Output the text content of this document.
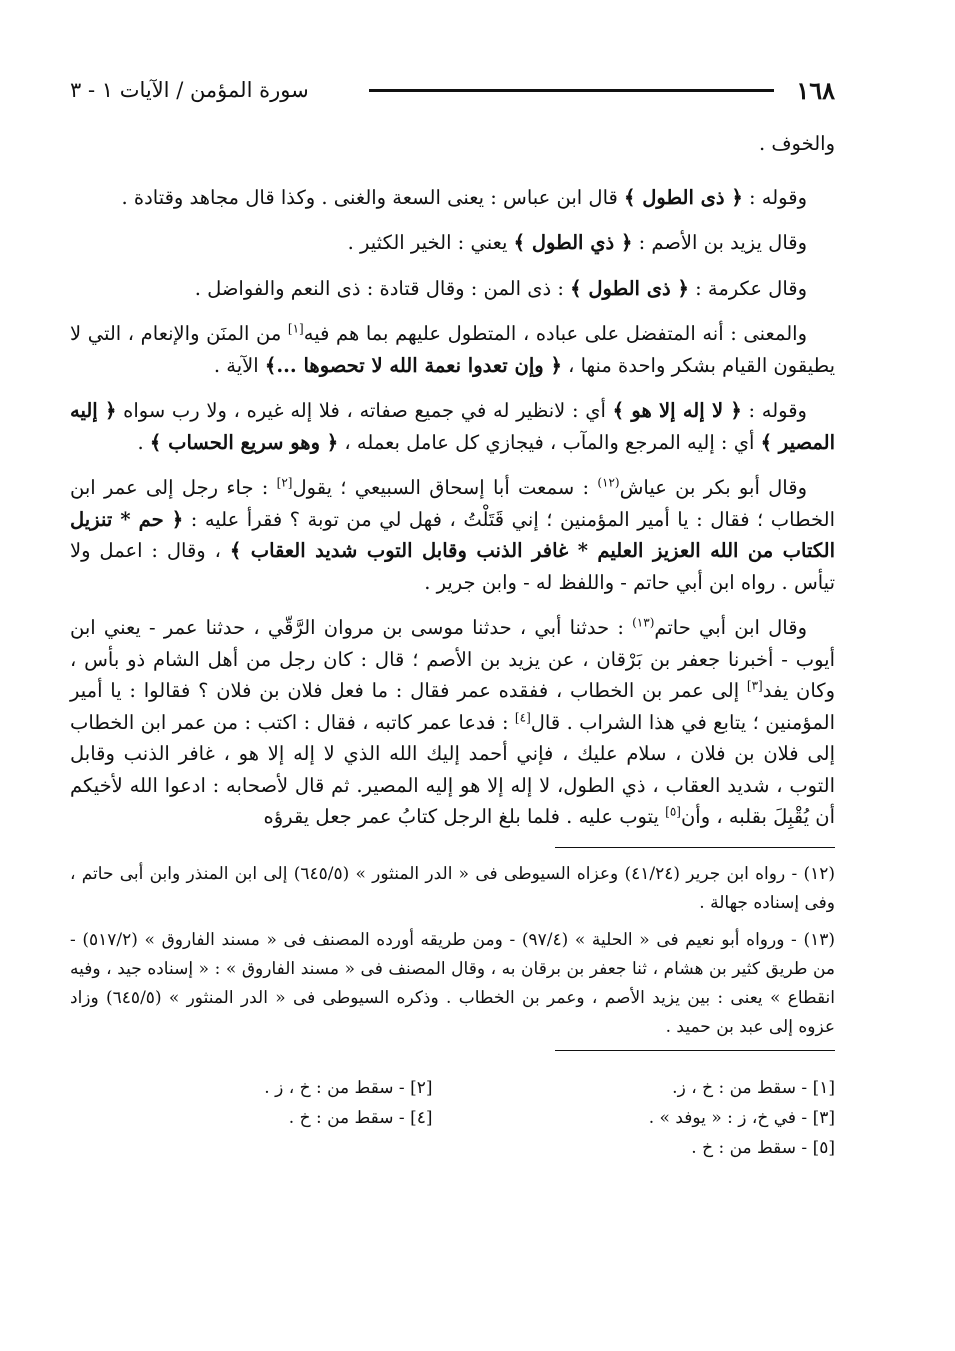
١٦٨
سورة المؤمن / الآيات ١ - ٣

والخوف .

وقوله : ﴿ ذى الطول ﴾ قال ابن عباس : يعنى السعة والغنى . وكذا قال مجاهد وقتادة .

وقال يزيد بن الأصم : ﴿ ذي الطول ﴾ يعني : الخير الكثير .

وقال عكرمة : ﴿ ذى الطول ﴾ : ذى المن : وقال قتادة : ذى النعم والفواضل .

والمعنى : أنه المتفضل على عباده ، المتطول عليهم بما هم فيه[١] من المنَن والإنعام ، التي لا يطيقون القيام بشكر واحدة منها ، ﴿ وإن تعدوا نعمة الله لا تحصوها ...﴾ الآية .

وقوله : ﴿ لا إله إلا هو ﴾ أي : لانظير له في جميع صفاته ، فلا إله غيره ، ولا رب سواه ﴿ إليه المصير ﴾ أي : إليه المرجع والمآب ، فيجازي كل عامل بعمله ، ﴿ وهو سريع الحساب ﴾ .

وقال أبو بكر بن عياش$^{(١٢)}$ : سمعت أبا إسحاق السبيعي ؛ يقول[٢] : جاء رجل إلى عمر ابن الخطاب ؛ فقال : يا أمير المؤمنين ؛ إني قَتَلْتُ ، فهل لي من توبة ؟ فقرأ عليه : ﴿ حم * تنزيل الكتاب من الله العزيز العليم * غافر الذنب وقابل التوب شديد العقاب ﴾ ، وقال : اعمل ولا تيأس . رواه ابن أبي حاتم - واللفظ له - وابن جرير .

وقال ابن أبي حاتم$^{(١٣)}$ : حدثنا أبي ، حدثنا موسى بن مروان الرَّقّي ، حدثنا عمر - يعني ابن أيوب - أخبرنا جعفر بن بَرْقان ، عن يزيد بن الأصم ؛ قال : كان رجل من أهل الشام ذو بأس ، وكان يفد[٣] إلى عمر بن الخطاب ، ففقده عمر فقال : ما فعل فلان بن فلان ؟ فقالوا : يا أمير المؤمنين ؛ يتابع في هذا الشراب . قال[٤] : فدعا عمر كاتبه ، فقال : اكتب : من عمر ابن الخطاب إلى فلان بن فلان ، سلام عليك ، فإني أحمد إليك الله الذي لا إله إلا هو ، غافر الذنب وقابل التوب ، شديد العقاب ، ذي الطول، لا إله إلا هو إليه المصير. ثم قال لأصحابه : ادعوا الله لأخيكم أن يُقْبِلَ بقلبه ، وأن[٥] يتوب عليه . فلما بلغ الرجل كتابُ عمر جعل يقرؤه

(١٢) - رواه ابن جرير (٤١/٢٤) وعزاه السيوطى فى « الدر المنثور » (٦٤٥/٥) إلى ابن المنذر وابن أبى حاتم ، وفى إسناده جهالة .

(١٣) - ورواه أبو نعيم فى « الحلية » (٩٧/٤) - ومن طريقه أورده المصنف فى « مسند الفاروق » (٥١٧/٢) - من طريق كثير بن هشام ، ثنا جعفر بن برقان به ، وقال المصنف فى « مسند الفاروق » : « إسناده جيد ، وفيه انقطاع » يعنى : بين يزيد الأصم ، وعمر بن الخطاب . وذكره السيوطى فى « الدر المنثور » (٦٤٥/٥) وزاد عزوه إلى عبد بن حميد .

[١] - سقط من : خ ، ز.
[٢] - سقط من : خ ، ز .
[٣] - في خ، ز : « يوفد » .
[٤] - سقط من : خ .
[٥] - سقط من : خ .
